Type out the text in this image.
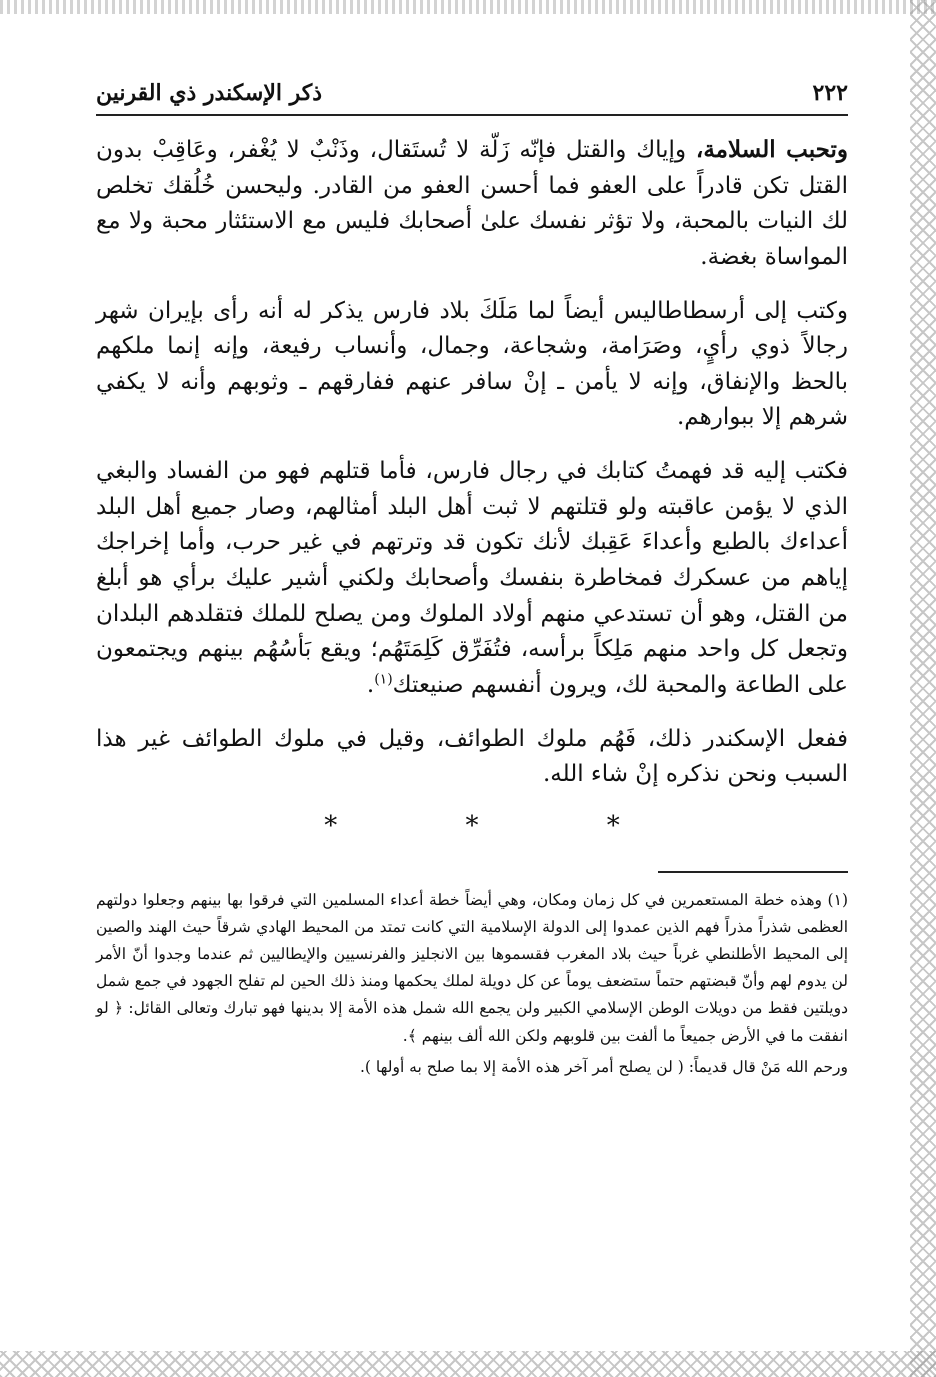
٢٢٢
ذكر الإسكندر ذي القرنين

وتحبب السلامة، وإياك والقتل فإنّه زَلّة لا تُستَقال، وذَنْبٌ لا يُغْفر، وعَاقِبْ بدون القتل تكن قادراً على العفو فما أحسن العفو من القادر. وليحسن خُلُقك تخلص لك النيات بالمحبة، ولا تؤثر نفسك علىٰ أصحابك فليس مع الاستئثار محبة ولا مع المواساة بغضة.

وكتب إلى أرسطاطاليس أيضاً لما مَلَكَ بلاد فارس يذكر له أنه رأى بإيران شهر رجالاً ذوي رأيٍ، وصَرَامة، وشجاعة، وجمال، وأنساب رفيعة، وإنه إنما ملكهم بالحظ والإنفاق، وإنه لا يأمن ـ إنْ سافر عنهم ففارقهم ـ وثوبهم وأنه لا يكفي شرهم إلا ببوارهم.

فكتب إليه قد فهمتُ كتابك في رجال فارس، فأما قتلهم فهو من الفساد والبغي الذي لا يؤمن عاقبته ولو قتلتهم لا ثبت أهل البلد أمثالهم، وصار جميع أهل البلد أعداءك بالطبع وأعداءَ عَقِبك لأنك تكون قد وترتهم في غير حرب، وأما إخراجك إياهم من عسكرك فمخاطرة بنفسك وأصحابك ولكني أشير عليك برأي هو أبلغ من القتل، وهو أن تستدعي منهم أولاد الملوك ومن يصلح للملك فتقلدهم البلدان وتجعل كل واحد منهم مَلِكاً برأسه، فتُفَرِّق كَلِمَتَهُم؛ ويقع بَأسُهُم بينهم ويجتمعون على الطاعة والمحبة لك، ويرون أنفسهم صنيعتك$^{(١)}$.

ففعل الإسكندر ذلك، فَهُم ملوك الطوائف، وقيل في ملوك الطوائف غير هذا السبب ونحن نذكره إنْ شاء الله.

* * *

(١) وهذه خطة المستعمرين في كل زمان ومكان، وهي أيضاً خطة أعداء المسلمين التي فرقوا بها بينهم وجعلوا دولتهم العظمى شذراً مذراً فهم الذين عمدوا إلى الدولة الإسلامية التي كانت تمتد من المحيط الهادي شرقاً حيث الهند والصين إلى المحيط الأطلنطي غرباً حيث بلاد المغرب فقسموها بين الانجليز والفرنسيين والإيطاليين ثم عندما وجدوا أنّ الأمر لن يدوم لهم وأنّ قبضتهم حتماً ستضعف يوماً عن كل دويلة لملك يحكمها ومنذ ذلك الحين لم تفلح الجهود في جمع شمل دويلتين فقط من دويلات الوطن الإسلامي الكبير ولن يجمع الله شمل هذه الأمة إلا بدينها فهو تبارك وتعالى القائل: ﴿ لو انفقت ما في الأرض جميعاً ما ألفت بين قلوبهم ولكن الله ألف بينهم ﴾.

ورحم الله مَنْ قال قديماً: ( لن يصلح أمر آخر هذه الأمة إلا بما صلح به أولها ).
